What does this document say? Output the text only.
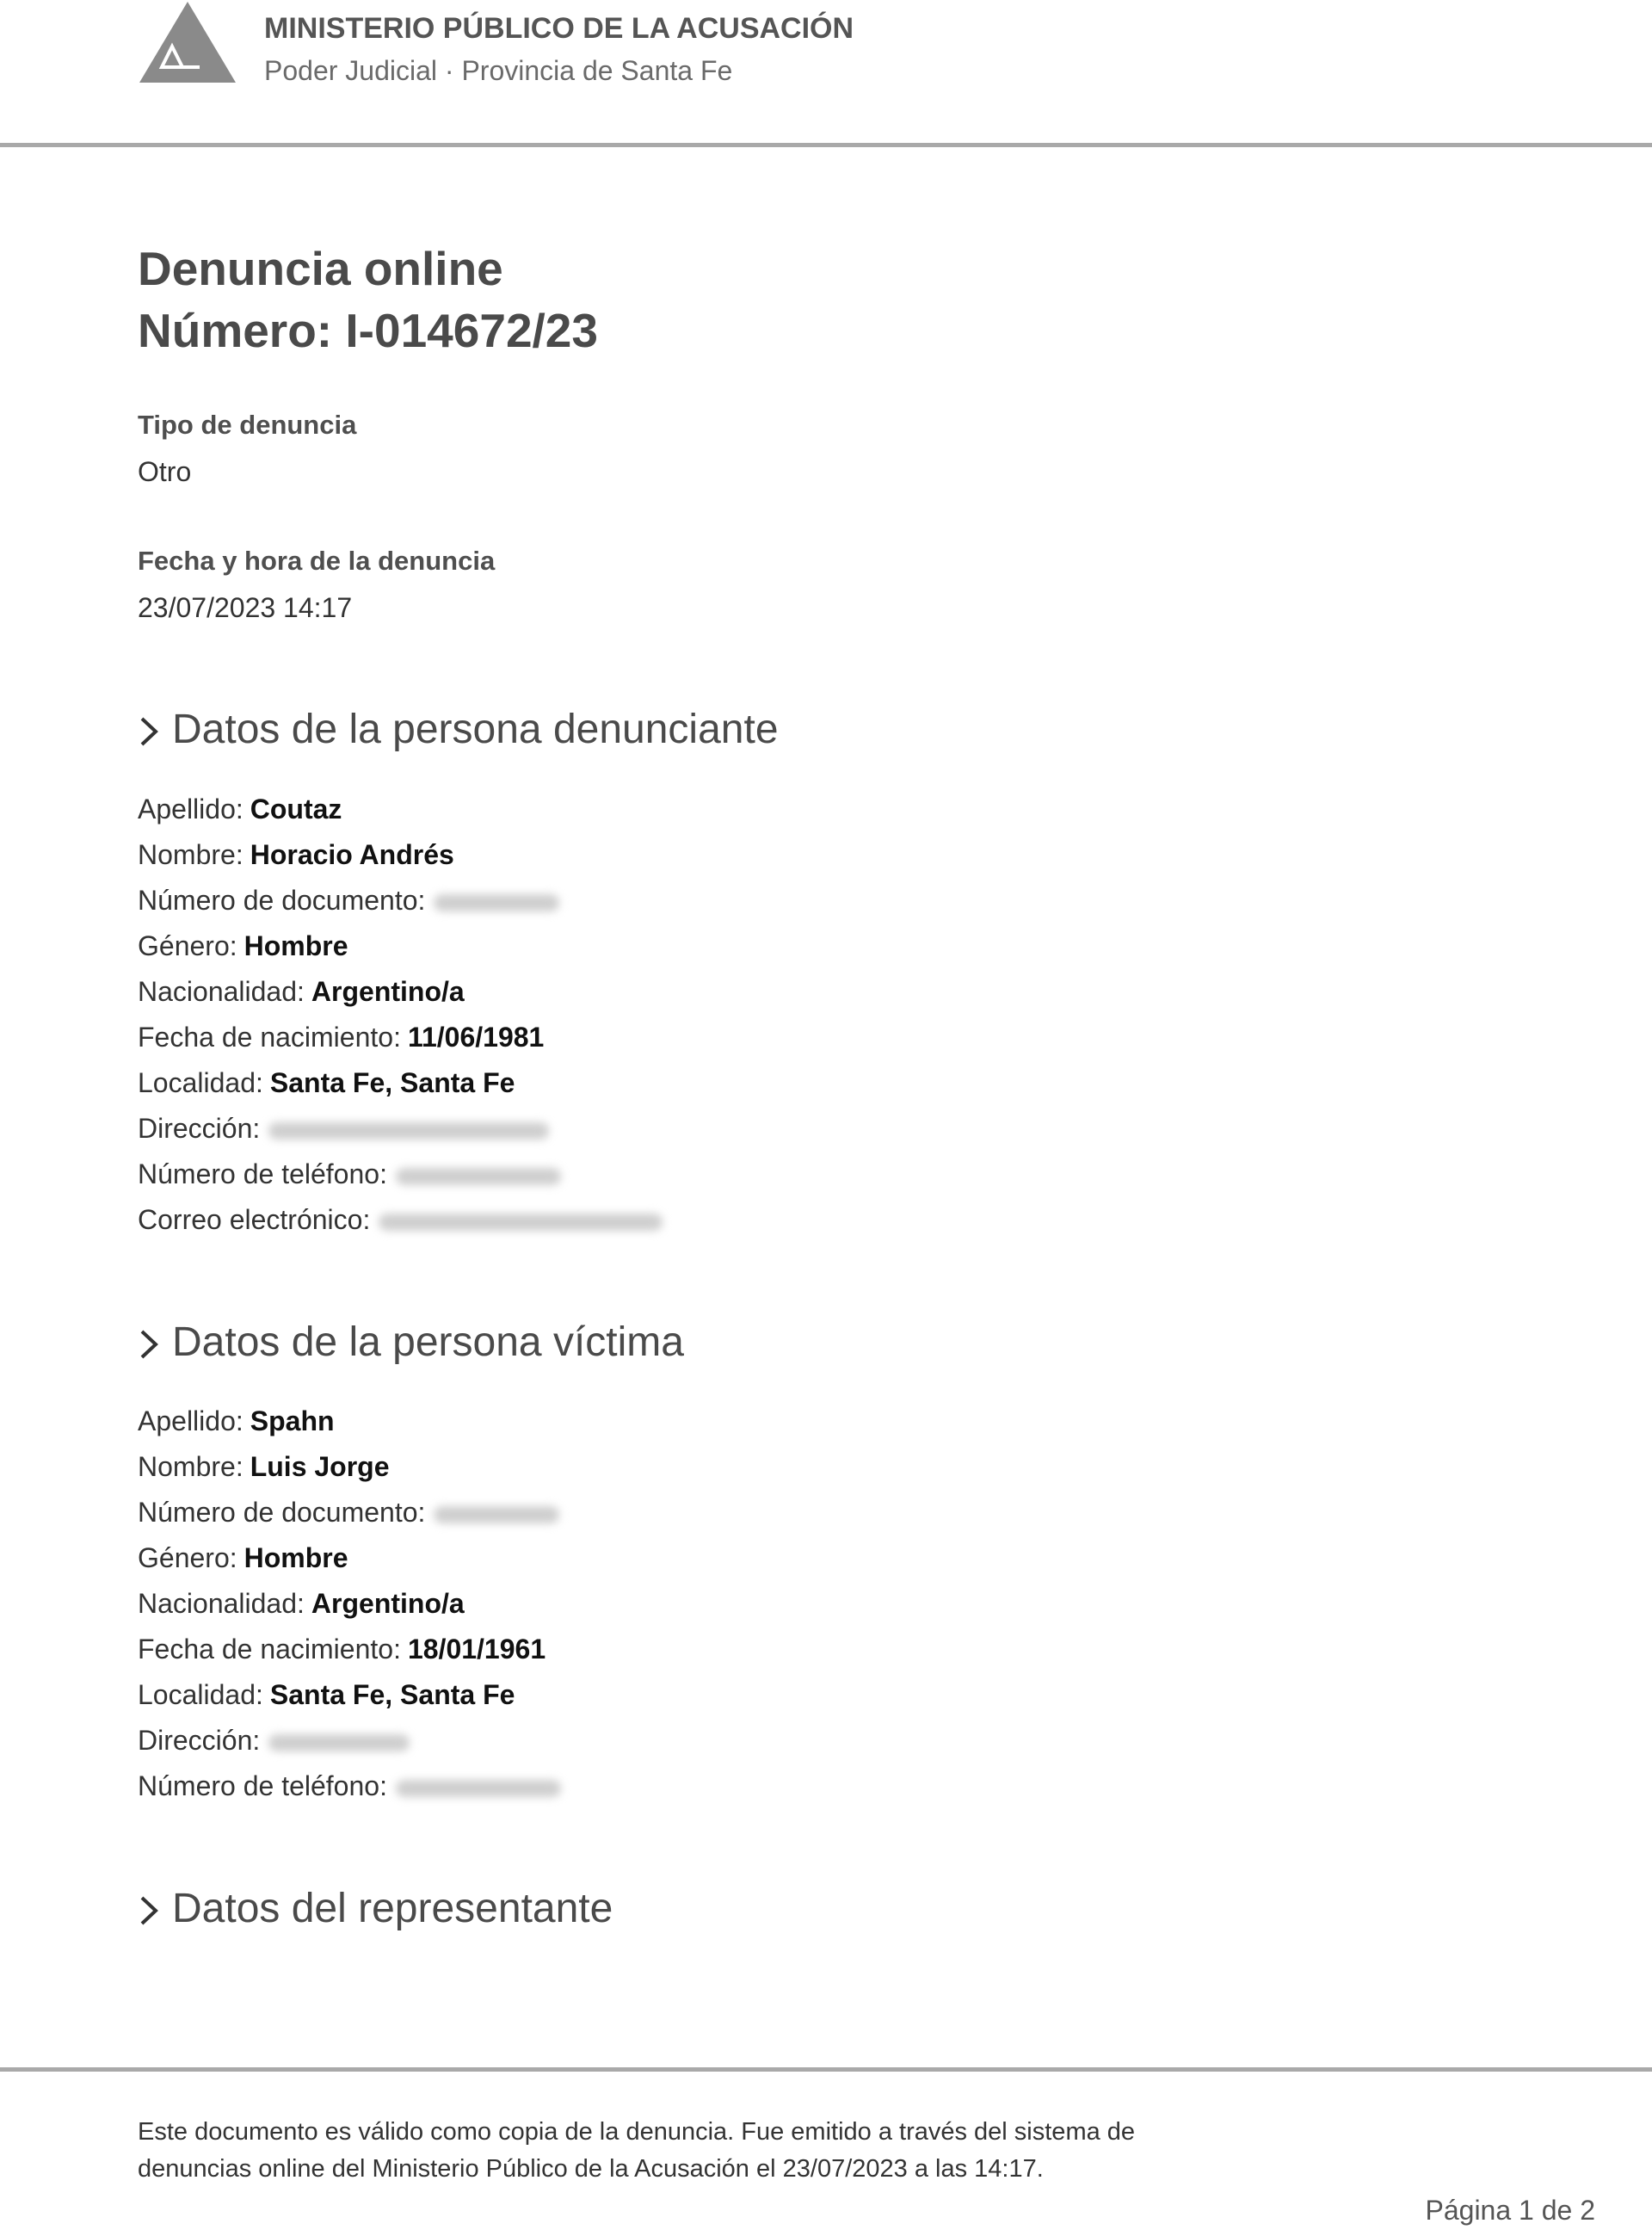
MINISTERIO PÚBLICO DE LA ACUSACIÓN
Poder Judicial · Provincia de Santa Fe
Denuncia online
Número: I-014672/23
Tipo de denuncia
Otro
Fecha y hora de la denuncia
23/07/2023 14:17
Datos de la persona denunciante
Apellido: Coutaz
Nombre: Horacio Andrés
Número de documento:
Género: Hombre
Nacionalidad: Argentino/a
Fecha de nacimiento: 11/06/1981
Localidad: Santa Fe, Santa Fe
Dirección:
Número de teléfono:
Correo electrónico:
Datos de la persona víctima
Apellido: Spahn
Nombre: Luis Jorge
Número de documento:
Género: Hombre
Nacionalidad: Argentino/a
Fecha de nacimiento: 18/01/1961
Localidad: Santa Fe, Santa Fe
Dirección:
Número de teléfono:
Datos del representante
Este documento es válido como copia de la denuncia. Fue emitido a través del sistema de denuncias online del Ministerio Público de la Acusación el 23/07/2023 a las 14:17.
Página 1 de 2
